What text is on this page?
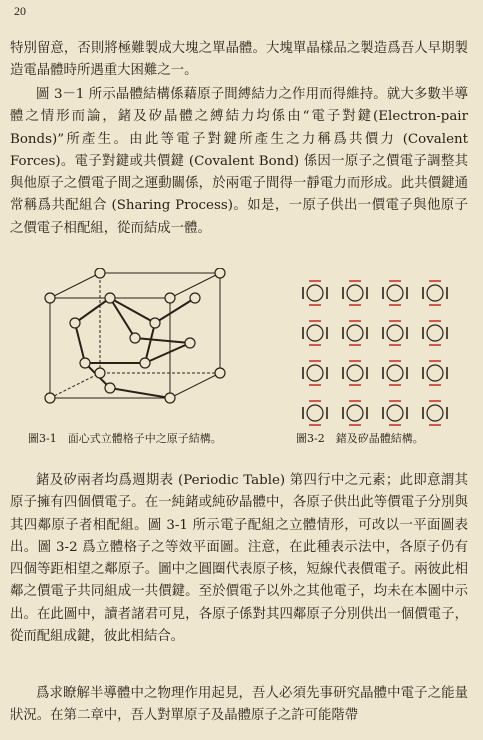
20

特別留意，否則將極難製成大塊之單晶體。大塊單晶樣品之製造爲吾人早期製造電晶體時所遇重大困難之一。

圖 3－1 所示晶體結構係藉原子間縛結力之作用而得維持。就大多數半導體之情形而論，鍺及矽晶體之縛結力均係由“電子對鍵(Electron-pair Bonds)”所產生。由此等電子對鍵所產生之力稱爲共價力 (Covalent Forces)。電子對鍵或共價鍵 (Covalent Bond) 係因一原子之價電子調整其與他原子之價電子間之運動關係，於兩電子間得一靜電力而形成。此共價鍵通常稱爲共配組合 (Sharing Process)。如是，一原子供出一價電子與他原子之價電子相配組，從而結成一體。

圖3-1　面心式立體格子中之原子結構。	圖3-2　鍺及矽晶體結構。

鍺及矽兩者均爲週期表 (Periodic Table) 第四行中之元素；此即意謂其原子擁有四個價電子。在一純鍺或純矽晶體中，各原子供出此等價電子分別與其四鄰原子者相配組。圖 3-1 所示電子配組之立體情形，可改以一平面圖表出。圖 3-2 爲立體格子之等效平面圖。注意，在此種表示法中，各原子仍有四個等距相望之鄰原子。圖中之圓圈代表原子核，短線代表價電子。兩彼此相鄰之價電子共同組成一共價鍵。至於價電子以外之其他電子，均未在本圖中示出。在此圖中，讀者諸君可見，各原子係對其四鄰原子分別供出一個價電子，從而配組成鍵，彼此相結合。

爲求瞭解半導體中之物理作用起見，吾人必須先事研究晶體中電子之能量狀況。在第二章中，吾人對單原子及晶體原子之許可能階帶
